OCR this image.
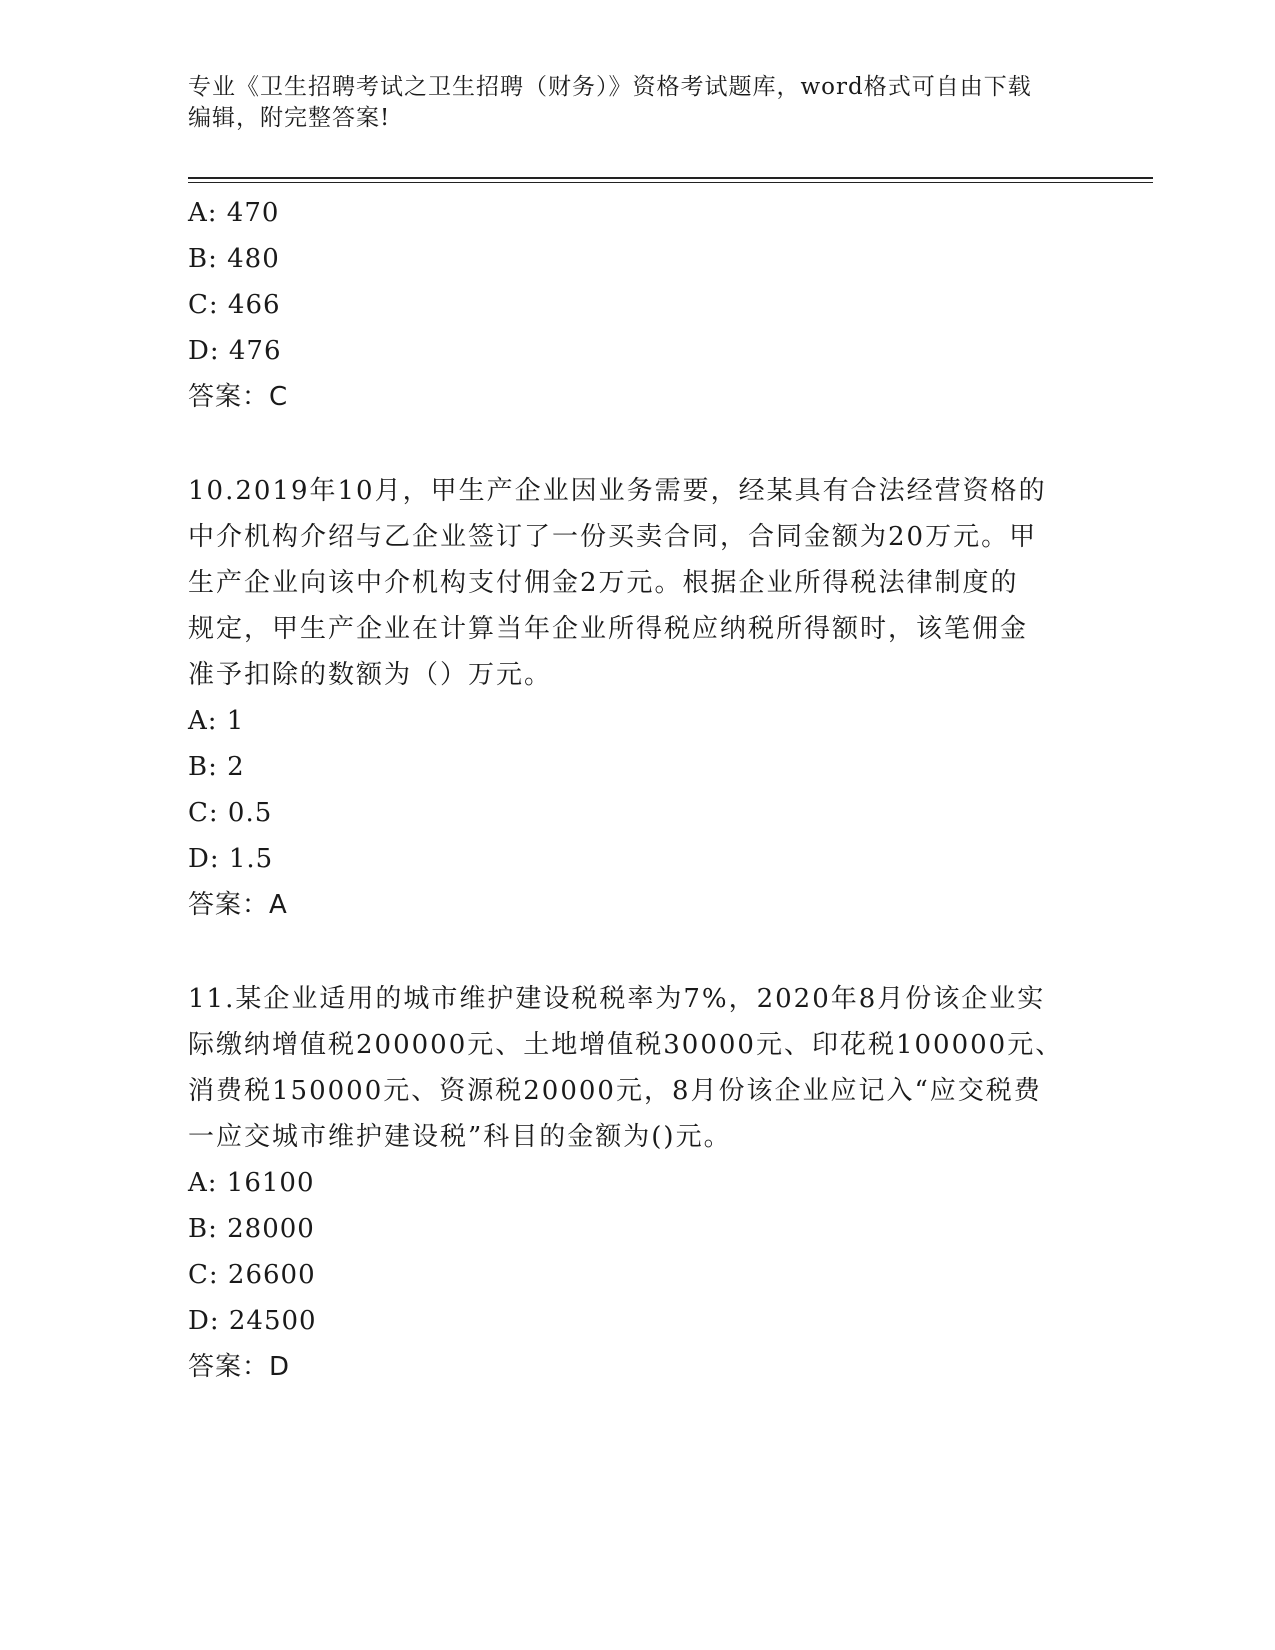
专业《卫生招聘考试之卫生招聘（财务）》资格考试题库，word格式可自由下载
编辑，附完整答案!
A: 470
B: 480
C: 466
D: 476
答案：C
10.2019年10月，甲生产企业因业务需要，经某具有合法经营资格的
中介机构介绍与乙企业签订了一份买卖合同，合同金额为20万元。甲
生产企业向该中介机构支付佣金2万元。根据企业所得税法律制度的
规定，甲生产企业在计算当年企业所得税应纳税所得额时，该笔佣金
准予扣除的数额为（）万元。
A: 1
B: 2
C: 0.5
D: 1.5
答案：A
11.某企业适用的城市维护建设税税率为7%，2020年8月份该企业实
际缴纳增值税200000元、土地增值税30000元、印花税100000元、
消费税150000元、资源税20000元，8月份该企业应记入“应交税费
一应交城市维护建设税”科目的金额为()元。
A: 16100
B: 28000
C: 26600
D: 24500
答案：D
